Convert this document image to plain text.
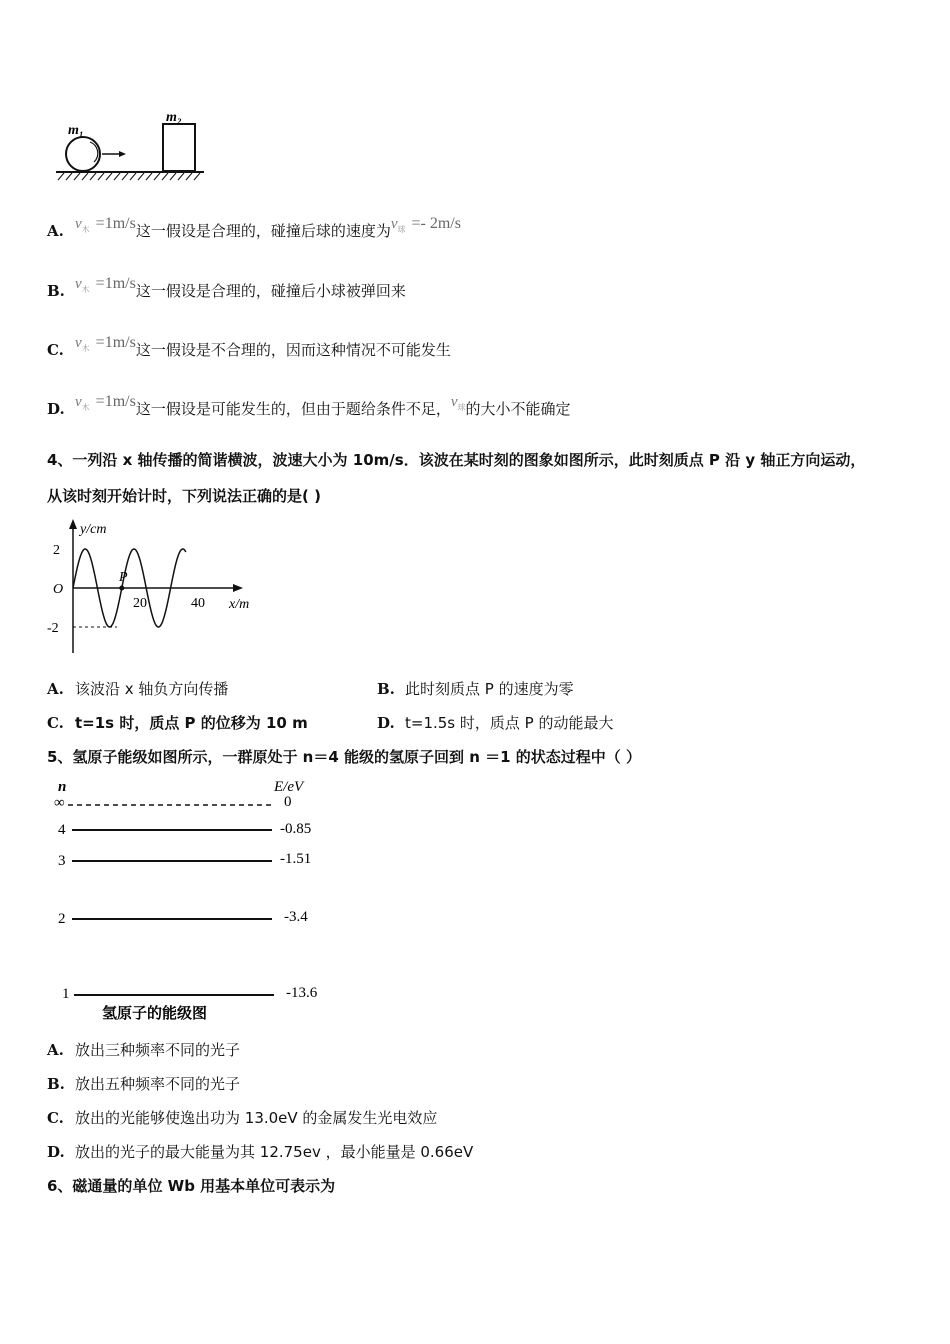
m₁
m₂
A. $v_木 =1m/s$这一假设是合理的，碰撞后球的速度为$v_球 =- 2m/s$
B. $v_木 =1m/s$这一假设是合理的，碰撞后小球被弹回来
C. $v_木 =1m/s$这一假设是不合理的，因而这种情况不可能发生
D. $v_木 =1m/s$这一假设是可能发生的，但由于题给条件不足，$v_球$的大小不能确定
4、一列沿 x 轴传播的简谐横波，波速大小为 10m/s．该波在某时刻的图象如图所示，此时刻质点 P 沿 y 轴正方向运动，
从该时刻开始计时，下列说法正确的是( )
y/cm
x/m
O
P
2
-2
20	40
A. 该波沿 x 轴负方向传播	B. 此时刻质点 P 的速度为零
C. t=1s 时，质点 P 的位移为 10 m	D. t=1.5s 时，质点 P 的动能最大
5、氢原子能级如图所示，一群原处于 n＝4 能级的氢原子回到 n ＝1 的状态过程中（ ）
n	E/eV
∞	0
4	-0.85
3	-1.51
2	-3.4
1	-13.6
氢原子的能级图
A. 放出三种频率不同的光子
B. 放出五种频率不同的光子
C. 放出的光能够使逸出功为 13.0eV 的金属发生光电效应
D. 放出的光子的最大能量为其 12.75ev ，最小能量是 0.66eV
6、磁通量的单位 Wb 用基本单位可表示为
